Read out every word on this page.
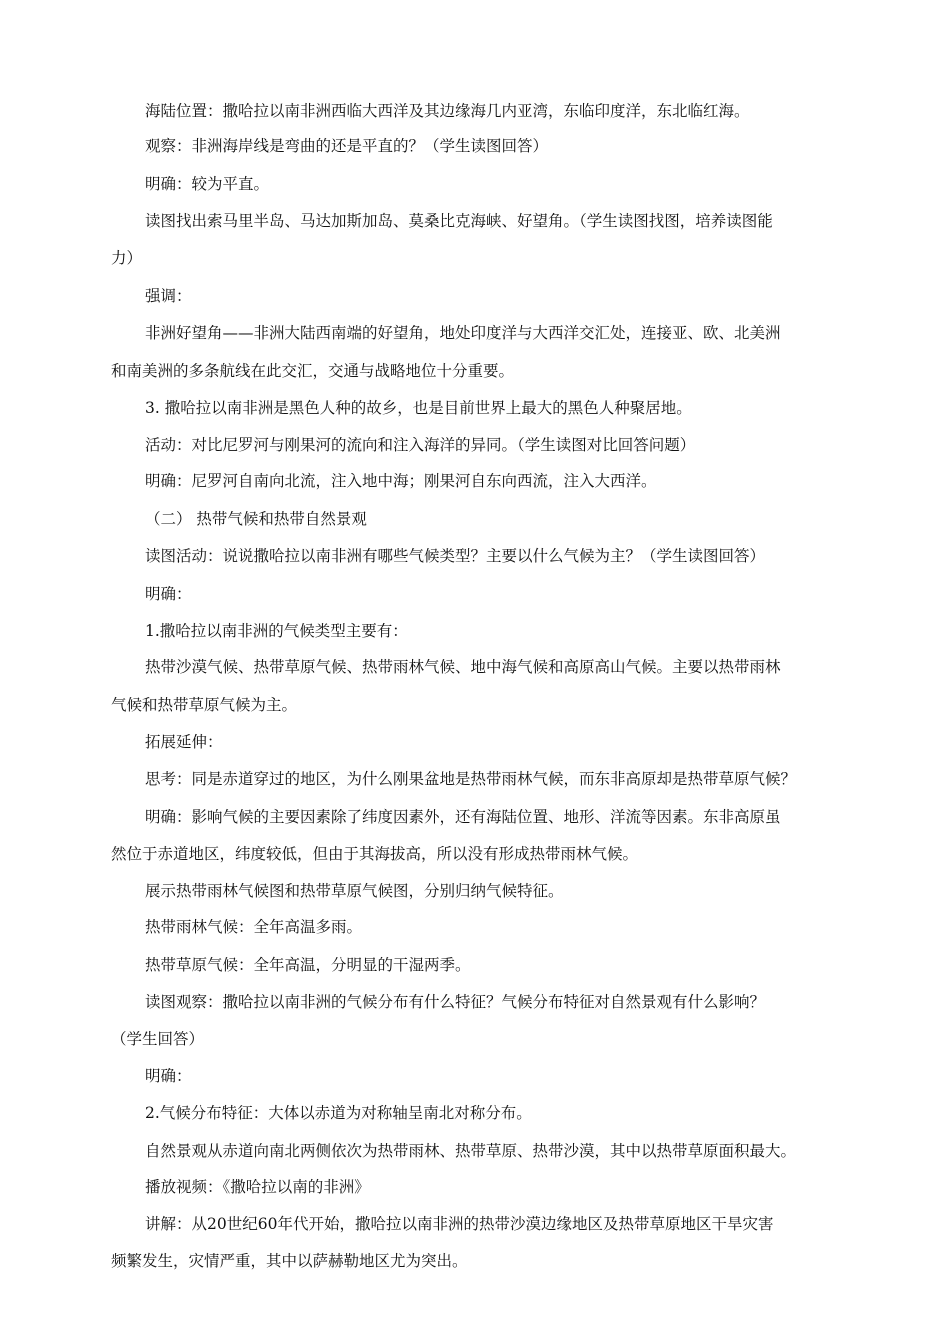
海陆位置：撒哈拉以南非洲西临大西洋及其边缘海几内亚湾，东临印度洋，东北临红海。
观察：非洲海岸线是弯曲的还是平直的？（学生读图回答）
明确：较为平直。
读图找出索马里半岛、马达加斯加岛、莫桑比克海峡、好望角。（学生读图找图，培养读图能
力）
强调：
非洲好望角——非洲大陆西南端的好望角，地处印度洋与大西洋交汇处，连接亚、欧、北美洲
和南美洲的多条航线在此交汇，交通与战略地位十分重要。
3. 撒哈拉以南非洲是黑色人种的故乡，也是目前世界上最大的黑色人种聚居地。
活动：对比尼罗河与刚果河的流向和注入海洋的异同。（学生读图对比回答问题）
明确：尼罗河自南向北流，注入地中海；刚果河自东向西流，注入大西洋。
（二） 热带气候和热带自然景观
读图活动：说说撒哈拉以南非洲有哪些气候类型？主要以什么气候为主？（学生读图回答）
明确：
1.撒哈拉以南非洲的气候类型主要有：
热带沙漠气候、热带草原气候、热带雨林气候、地中海气候和高原高山气候。主要以热带雨林
气候和热带草原气候为主。
拓展延伸：
思考：同是赤道穿过的地区，为什么刚果盆地是热带雨林气候，而东非高原却是热带草原气候？
明确：影响气候的主要因素除了纬度因素外，还有海陆位置、地形、洋流等因素。东非高原虽
然位于赤道地区，纬度较低，但由于其海拔高，所以没有形成热带雨林气候。
展示热带雨林气候图和热带草原气候图，分别归纳气候特征。
热带雨林气候：全年高温多雨。
热带草原气候：全年高温，分明显的干湿两季。
读图观察：撒哈拉以南非洲的气候分布有什么特征？气候分布特征对自然景观有什么影响？
（学生回答）
明确：
2.气候分布特征：大体以赤道为对称轴呈南北对称分布。
自然景观从赤道向南北两侧依次为热带雨林、热带草原、热带沙漠，其中以热带草原面积最大。
播放视频：《撒哈拉以南的非洲》
讲解：从20世纪60年代开始，撒哈拉以南非洲的热带沙漠边缘地区及热带草原地区干旱灾害
频繁发生，灾情严重，其中以萨赫勒地区尤为突出。
